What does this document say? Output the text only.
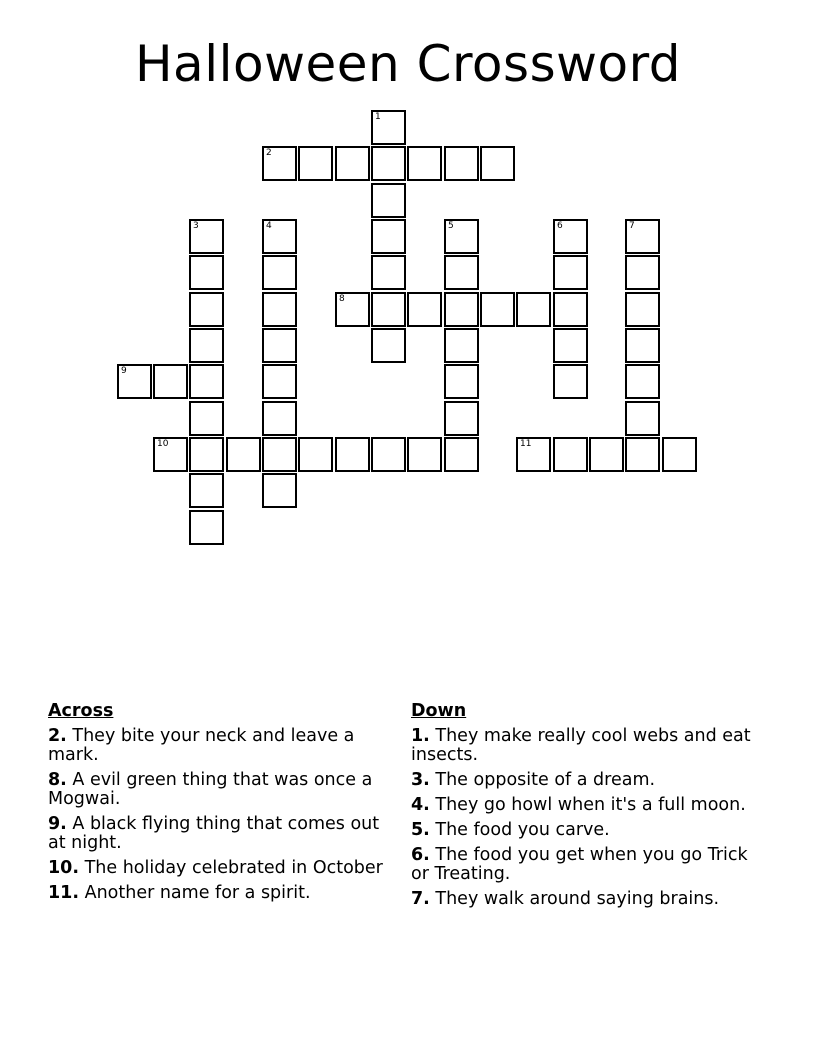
Halloween Crossword
2
1
3	4	5	6	7
8
9
10	11
Across
2. They bite your neck and leave a mark.
8. A evil green thing that was once a Mogwai.
9. A black flying thing that comes out at night.
10. The holiday celebrated in October
11. Another name for a spirit.
Down
1. They make really cool webs and eat insects.
3. The opposite of a dream.
4. They go howl when it's a full moon.
5. The food you carve.
6. The food you get when you go Trick or Treating.
7. They walk around saying brains.
